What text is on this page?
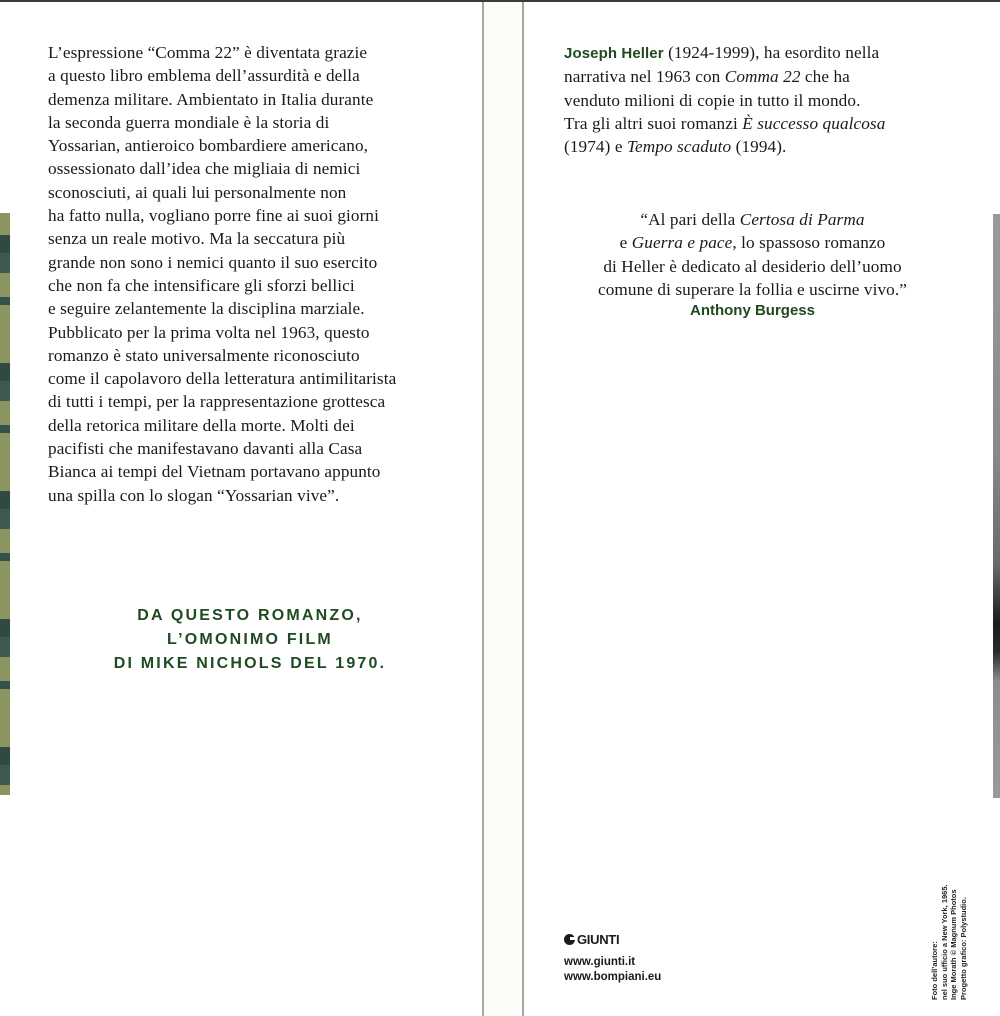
L’espressione “Comma 22” è diventata grazie
a questo libro emblema dell’assurdità e della
demenza militare. Ambientato in Italia durante
la seconda guerra mondiale è la storia di
Yossarian, antieroico bombardiere americano,
ossessionato dall’idea che migliaia di nemici
sconosciuti, ai quali lui personalmente non
ha fatto nulla, vogliano porre fine ai suoi giorni
senza un reale motivo. Ma la seccatura più
grande non sono i nemici quanto il suo esercito
che non fa che intensificare gli sforzi bellici
e seguire zelantemente la disciplina marziale.
Pubblicato per la prima volta nel 1963, questo
romanzo è stato universalmente riconosciuto
come il capolavoro della letteratura antimilitarista
di tutti i tempi, per la rappresentazione grottesca
della retorica militare della morte. Molti dei
pacifisti che manifestavano davanti alla Casa
Bianca ai tempi del Vietnam portavano appunto
una spilla con lo slogan “Yossarian vive”.
DA QUESTO ROMANZO,
L’OMONIMO FILM
DI MIKE NICHOLS DEL 1970.
Joseph Heller (1924-1999), ha esordito nella
narrativa nel 1963 con Comma 22 che ha
venduto milioni di copie in tutto il mondo.
Tra gli altri suoi romanzi È successo qualcosa
(1974) e Tempo scaduto (1994).
“Al pari della Certosa di Parma
e Guerra e pace, lo spassoso romanzo
di Heller è dedicato al desiderio dell’uomo
comune di superare la follia e uscirne vivo.”
Anthony Burgess
GIUNTI
www.giunti.it
www.bompiani.eu	Foto dell’autore: nel suo ufficio a New York, 1965. Inge Morath © Magnum Photos Progetto grafico: Polystudio.
